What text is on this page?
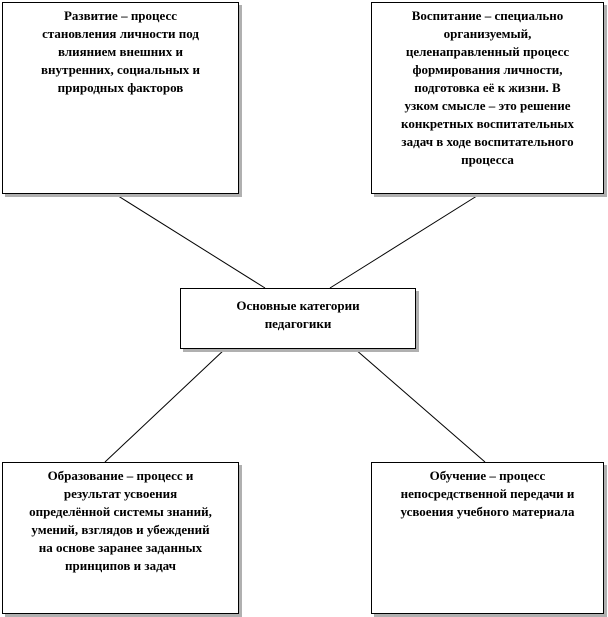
Развитие – процесс
становления личности под
влиянием внешних и
внутренних, социальных и
природных факторов
Воспитание – специально
организуемый,
целенаправленный процесс
формирования личности,
подготовка её к жизни. В
узком смысле – это решение
конкретных воспитательных
задач в ходе воспитательного
процесса
Основные категории
педагогики
Образование – процесс и
результат усвоения
определённой системы знаний,
умений, взглядов и убеждений
на основе заранее заданных
принципов и задач
Обучение – процесс
непосредственной передачи и
усвоения учебного материала
